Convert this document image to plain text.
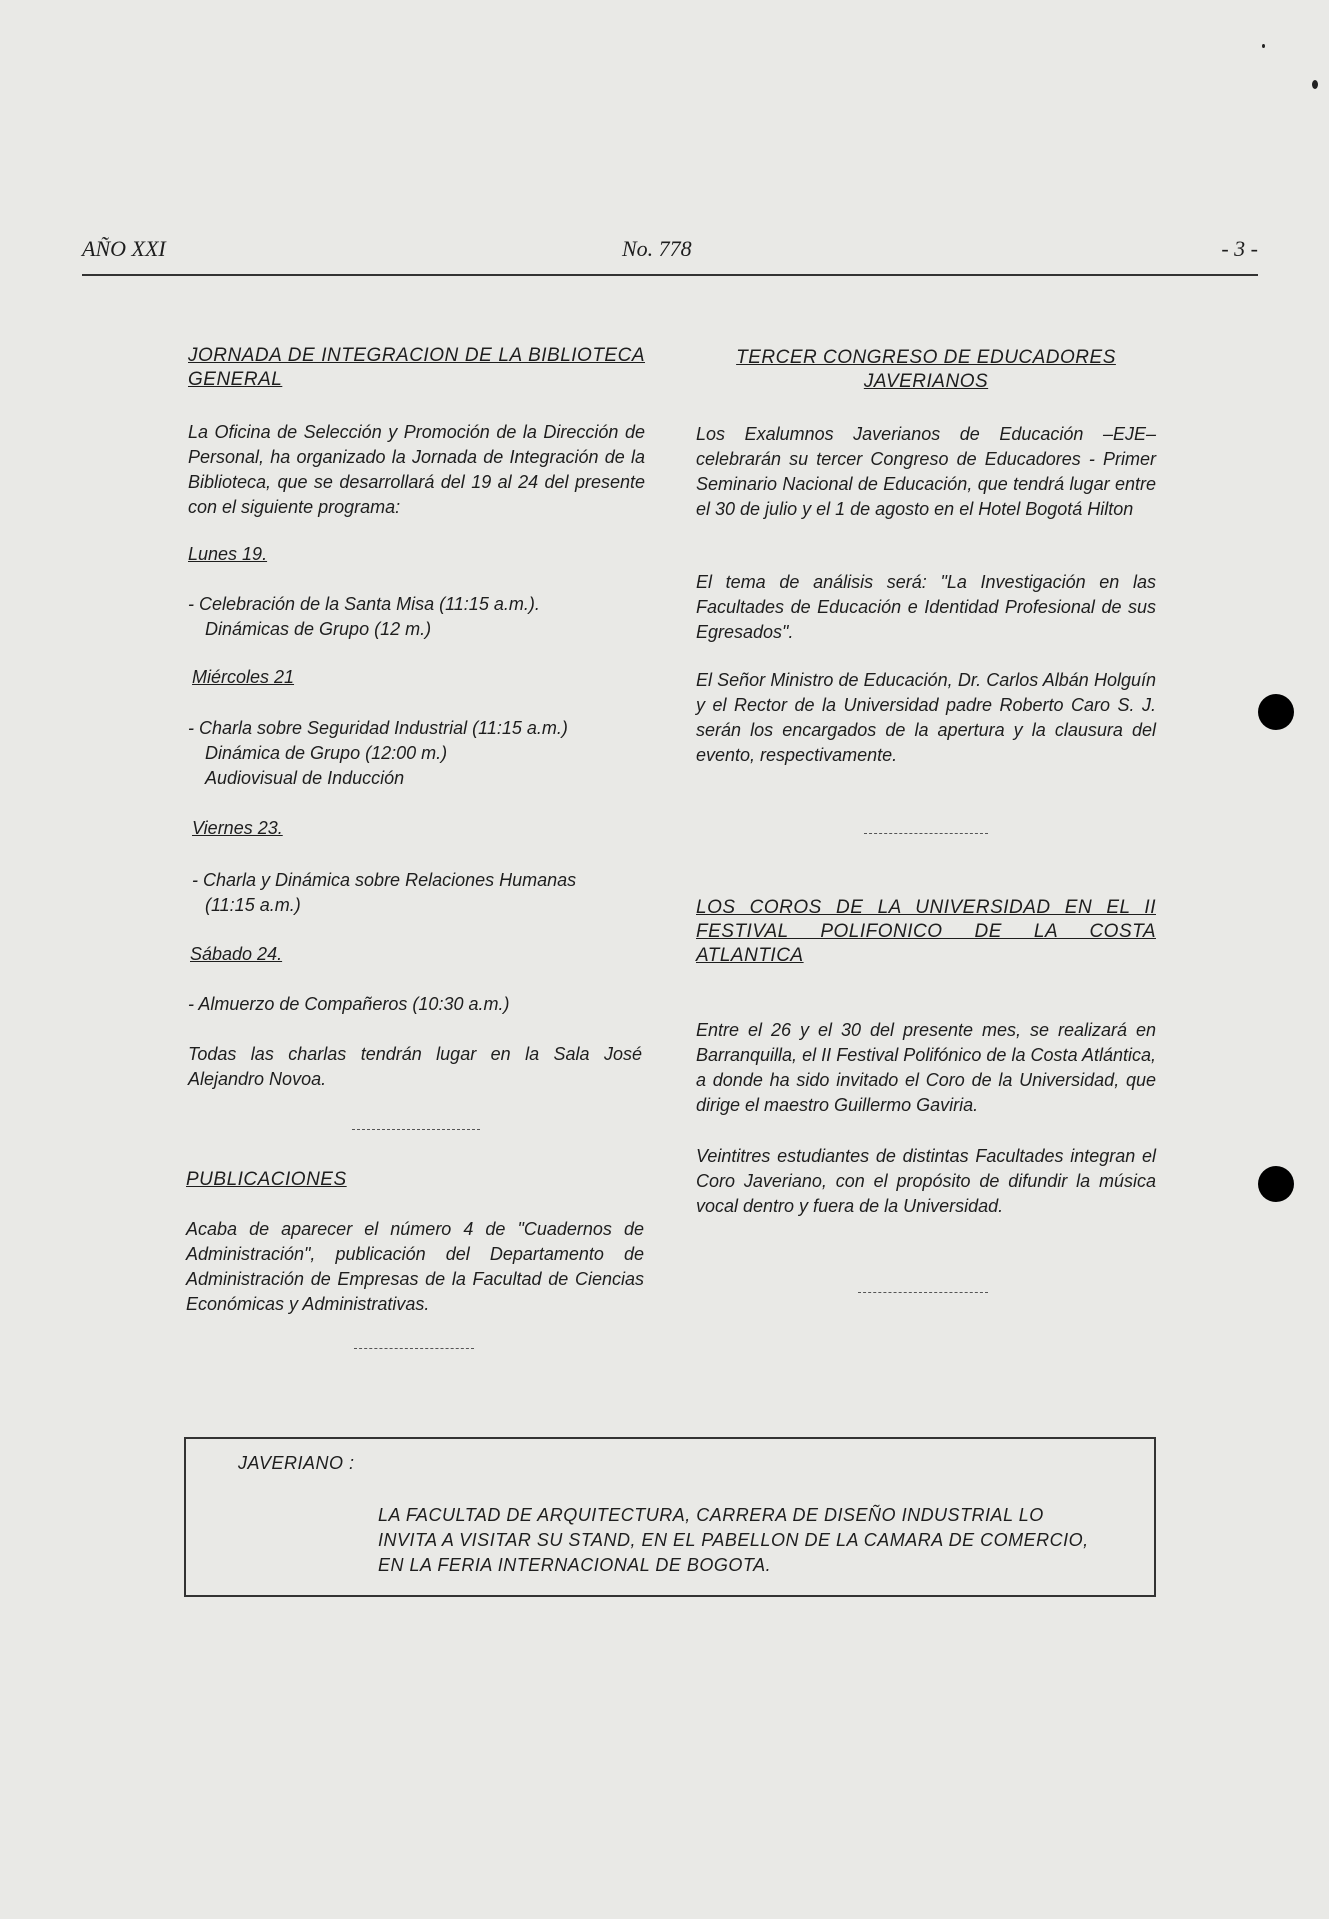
AÑO XXI	No. 778	- 3 -
JORNADA DE INTEGRACION DE LA BIBLIOTECA GENERAL
La Oficina de Selección y Promoción de la Dirección de Personal, ha organizado la Jornada de Integración de la Biblioteca, que se desarrollará del 19 al 24 del presente con el siguiente programa:
Lunes 19.
- Celebración de la Santa Misa (11:15 a.m.).
Dinámicas de Grupo (12 m.)
Miércoles 21
- Charla sobre Seguridad Industrial (11:15 a.m.)
Dinámica de Grupo (12:00 m.)
Audiovisual de Inducción
Viernes 23.
- Charla y Dinámica sobre Relaciones Humanas
(11:15 a.m.)
Sábado 24.
- Almuerzo de Compañeros (10:30 a.m.)
Todas las charlas tendrán lugar en la Sala José Alejandro Novoa.
PUBLICACIONES
Acaba de aparecer el número 4 de "Cuadernos de Administración", publicación del Departamento de Administración de Empresas de la Facultad de Ciencias Económicas y Administrativas.
TERCER CONGRESO DE EDUCADORES
JAVERIANOS
Los Exalumnos Javerianos de Educación –EJE– celebrarán su tercer Congreso de Educadores - Primer Seminario Nacional de Educación, que tendrá lugar entre el 30 de julio y el 1 de agosto en el Hotel Bogotá Hilton
El tema de análisis será: "La Investigación en las Facultades de Educación e Identidad Profesional de sus Egresados".
El Señor Ministro de Educación, Dr. Carlos Albán Holguín y el Rector de la Universidad padre Roberto Caro S. J. serán los encargados de la apertura y la clausura del evento, respectivamente.
LOS COROS DE LA UNIVERSIDAD EN EL II FESTIVAL POLIFONICO DE LA COSTA ATLANTICA
Entre el 26 y el 30 del presente mes, se realizará en Barranquilla, el II Festival Polifónico de la Costa Atlántica, a donde ha sido invitado el Coro de la Universidad, que dirige el maestro Guillermo Gaviria.
Veintitres estudiantes de distintas Facultades integran el Coro Javeriano, con el propósito de difundir la música vocal dentro y fuera de la Universidad.
JAVERIANO :
LA FACULTAD DE ARQUITECTURA, CARRERA DE DISEÑO INDUSTRIAL LO INVITA A VISITAR SU STAND, EN EL PABELLON DE LA CAMARA DE COMERCIO, EN LA FERIA INTERNACIONAL DE BOGOTA.
